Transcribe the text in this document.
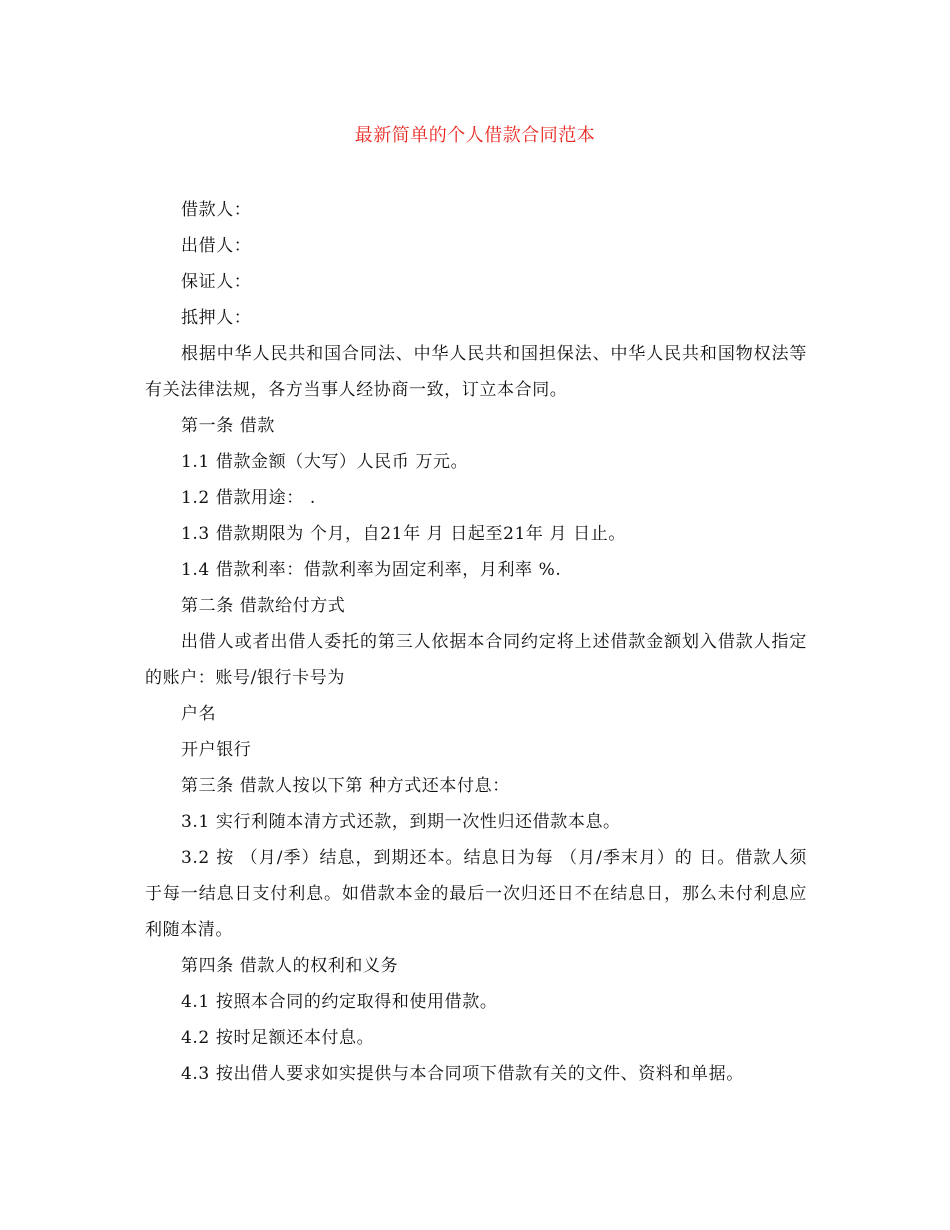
最新简单的个人借款合同范本

借款人：

出借人：

保证人：

抵押人：

根据中华人民共和国合同法、中华人民共和国担保法、中华人民共和国物权法等有关法律法规，各方当事人经协商一致，订立本合同。

第一条 借款

1.1 借款金额（大写）人民币 万元。

1.2 借款用途： .

1.3 借款期限为 个月，自21年 月 日起至21年 月 日止。

1.4 借款利率：借款利率为固定利率，月利率 %.

第二条 借款给付方式

出借人或者出借人委托的第三人依据本合同约定将上述借款金额划入借款人指定的账户：账号/银行卡号为

户名

开户银行

第三条 借款人按以下第 种方式还本付息：

3.1 实行利随本清方式还款，到期一次性归还借款本息。

3.2 按 （月/季）结息，到期还本。结息日为每 （月/季末月）的 日。借款人须于每一结息日支付利息。如借款本金的最后一次归还日不在结息日，那么未付利息应利随本清。

第四条 借款人的权利和义务

4.1 按照本合同的约定取得和使用借款。

4.2 按时足额还本付息。

4.3 按出借人要求如实提供与本合同项下借款有关的文件、资料和单据。
